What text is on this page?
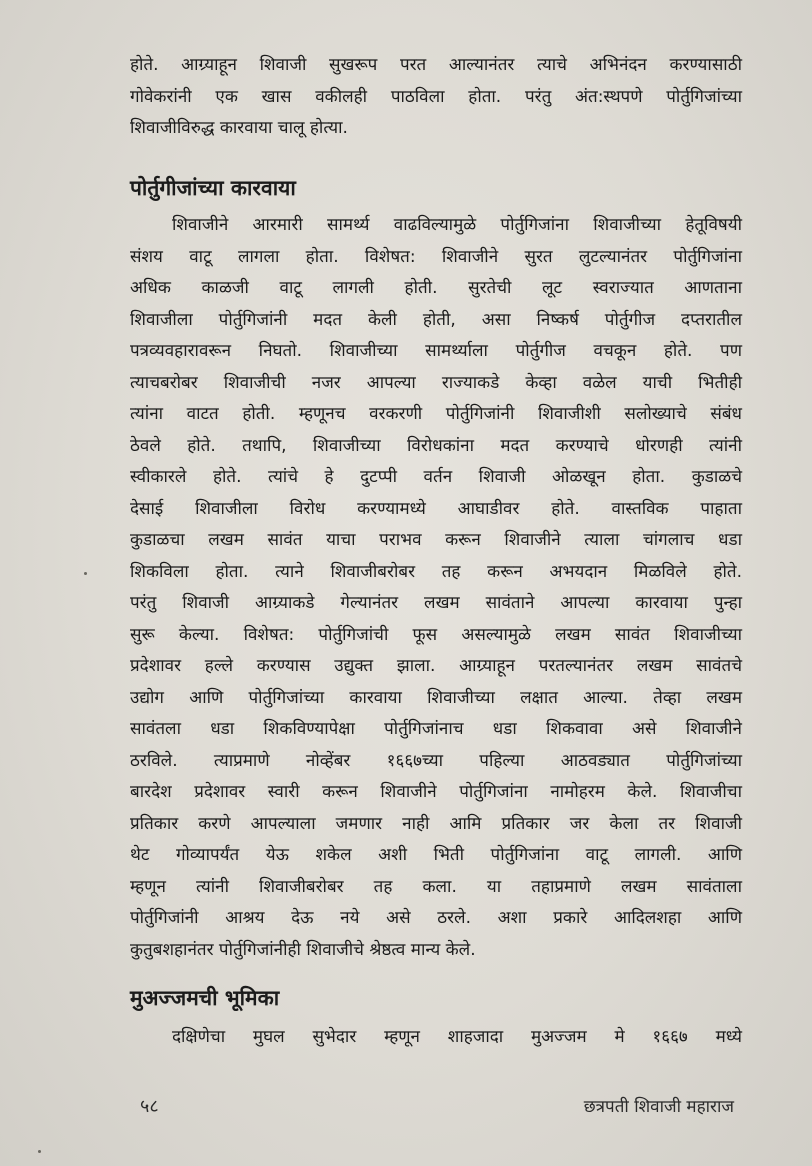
होते. आग्र्याहून शिवाजी सुखरूप परत आल्यानंतर त्याचे अभिनंदन करण्यासाठी
गोवेकरांनी एक खास वकीलही पाठविला होता. परंतु अंत:स्थपणे पोर्तुगिजांच्या
शिवाजीविरुद्ध कारवाया चालू होत्या.

पोर्तुगीजांच्या कारवाया

शिवाजीने आरमारी सामर्थ्य वाढविल्यामुळे पोर्तुगिजांना शिवाजीच्या हेतूविषयी
संशय वाटू लागला होता. विशेषत: शिवाजीने सुरत लुटल्यानंतर पोर्तुगिजांना
अधिक काळजी वाटू लागली होती. सुरतेची लूट स्वराज्यात आणताना
शिवाजीला पोर्तुगिजांनी मदत केली होती, असा निष्कर्ष पोर्तुगीज दप्तरातील
पत्रव्यवहारावरून निघतो. शिवाजीच्या सामर्थ्याला पोर्तुगीज वचकून होते. पण
त्याचबरोबर शिवाजीची नजर आपल्या राज्याकडे केव्हा वळेल याची भितीही
त्यांना वाटत होती. म्हणूनच वरकरणी पोर्तुगिजांनी शिवाजीशी सलोख्याचे संबंध
ठेवले होते. तथापि, शिवाजीच्या विरोधकांना मदत करण्याचे धोरणही त्यांनी
स्वीकारले होते. त्यांचे हे दुटप्पी वर्तन शिवाजी ओळखून होता. कुडाळचे
देसाई शिवाजीला विरोध करण्यामध्ये आघाडीवर होते. वास्तविक पाहाता
कुडाळचा लखम सावंत याचा पराभव करून शिवाजीने त्याला चांगलाच धडा
शिकविला होता. त्याने शिवाजीबरोबर तह करून अभयदान मिळविले होते.
परंतु शिवाजी आग्र्याकडे गेल्यानंतर लखम सावंताने आपल्या कारवाया पुन्हा
सुरू केल्या. विशेषत: पोर्तुगिजांची फूस असल्यामुळे लखम सावंत शिवाजीच्या
प्रदेशावर हल्ले करण्यास उद्युक्त झाला. आग्र्याहून परतल्यानंतर लखम सावंतचे
उद्योग आणि पोर्तुगिजांच्या कारवाया शिवाजीच्या लक्षात आल्या. तेव्हा लखम
सावंतला धडा शिकविण्यापेक्षा पोर्तुगिजांनाच धडा शिकवावा असे शिवाजीने
ठरविले. त्याप्रमाणे नोव्हेंबर १६६७च्या पहिल्या आठवड्यात पोर्तुगिजांच्या
बारदेश प्रदेशावर स्वारी करून शिवाजीने पोर्तुगिजांना नामोहरम केले. शिवाजीचा
प्रतिकार करणे आपल्याला जमणार नाही आमि प्रतिकार जर केला तर शिवाजी
थेट गोव्यापर्यंत येऊ शकेल अशी भिती पोर्तुगिजांना वाटू लागली. आणि
म्हणून त्यांनी शिवाजीबरोबर तह कला. या तहाप्रमाणे लखम सावंताला
पोर्तुगिजांनी आश्रय देऊ नये असे ठरले. अशा प्रकारे आदिलशहा आणि
कुतुबशहानंतर पोर्तुगिजांनीही शिवाजीचे श्रेष्ठत्व मान्य केले.

मुअज्जमची भूमिका

दक्षिणेचा मुघल सुभेदार म्हणून शाहजादा मुअज्जम मे १६६७ मध्ये

५८	छत्रपती शिवाजी महाराज
